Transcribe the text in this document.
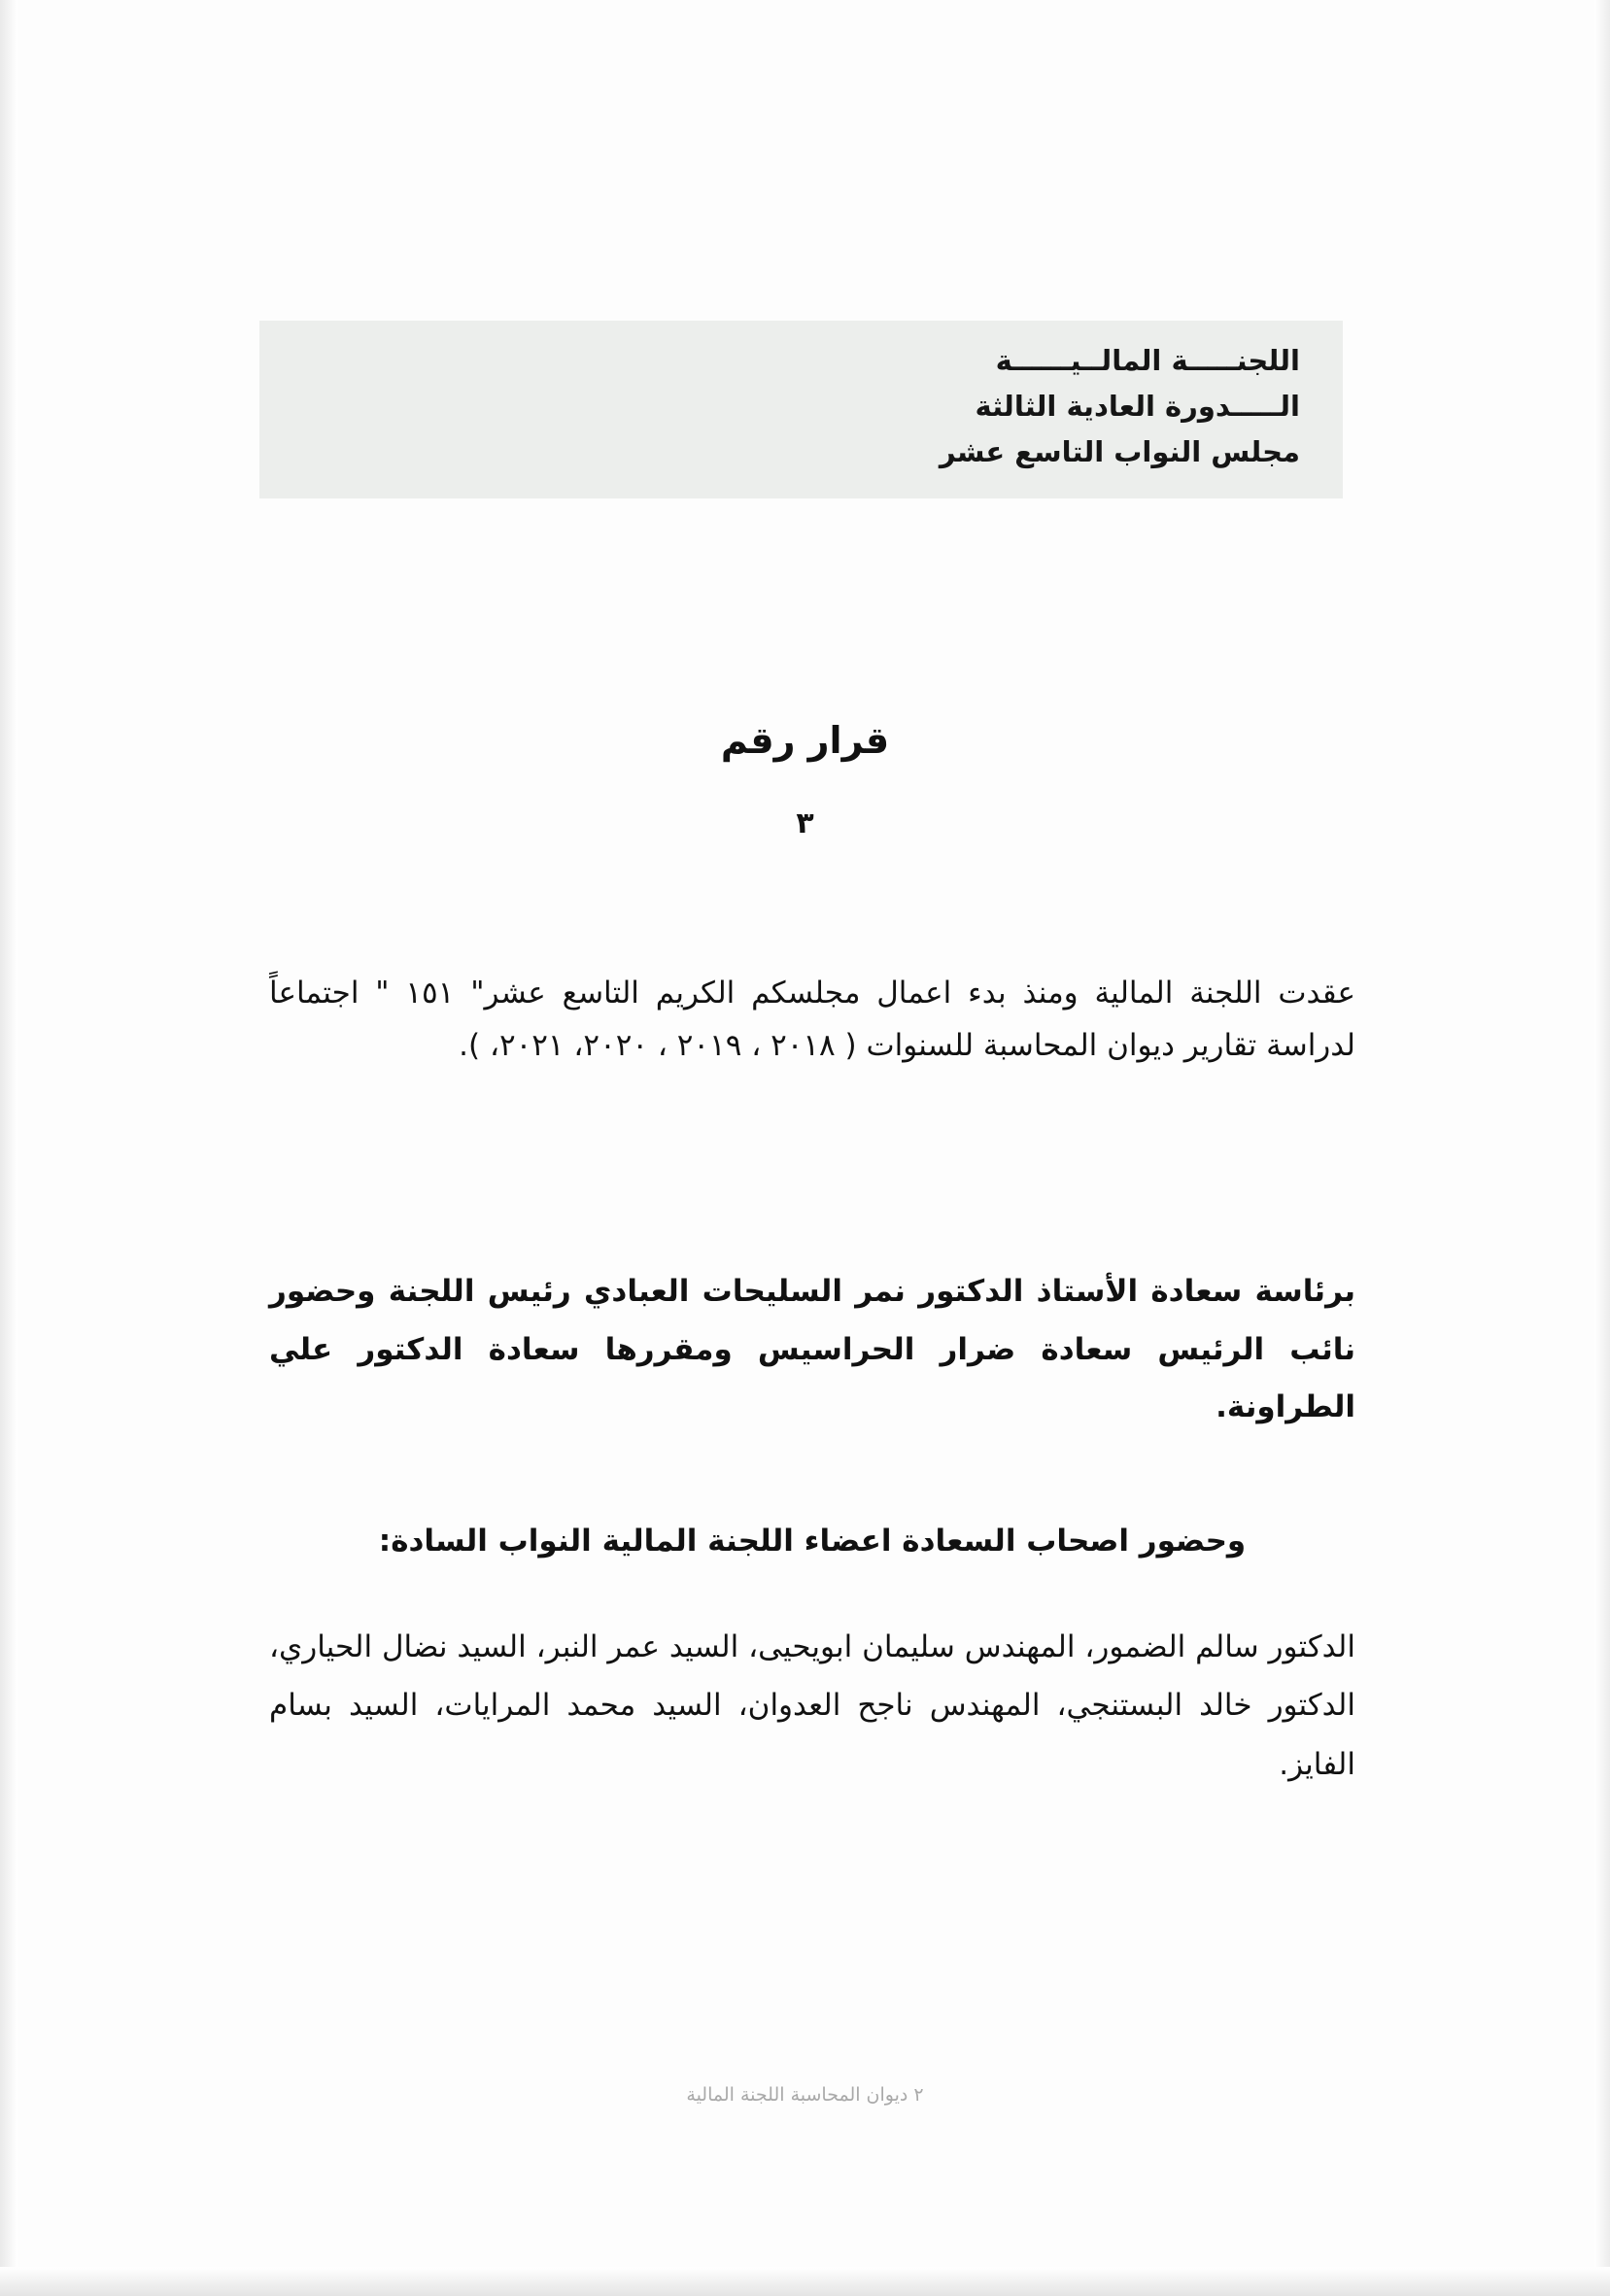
اللجنـــــة المالــيــــــة
الـــــدورة العادية الثالثة
مجلس النواب التاسع عشر
قرار رقم
٣
عقدت اللجنة المالية ومنذ بدء اعمال مجلسكم الكريم التاسع عشر" ١٥١ " اجتماعاً لدراسة تقارير ديوان المحاسبة للسنوات ( ٢٠١٨ ، ٢٠١٩ ، ٢٠٢٠، ٢٠٢١، ).
برئاسة سعادة الأستاذ الدكتور نمر السليحات العبادي رئيس اللجنة وحضور نائب الرئيس سعادة ضرار الحراسيس ومقررها سعادة الدكتور علي الطراونة.
وحضور اصحاب السعادة اعضاء اللجنة المالية النواب السادة:
الدكتور سالم الضمور، المهندس سليمان ابويحيى، السيد عمر النبر، السيد نضال الحياري، الدكتور خالد البستنجي، المهندس ناجح العدوان، السيد محمد المرايات، السيد بسام الفايز.
٢ ديوان المحاسبة اللجنة المالية
